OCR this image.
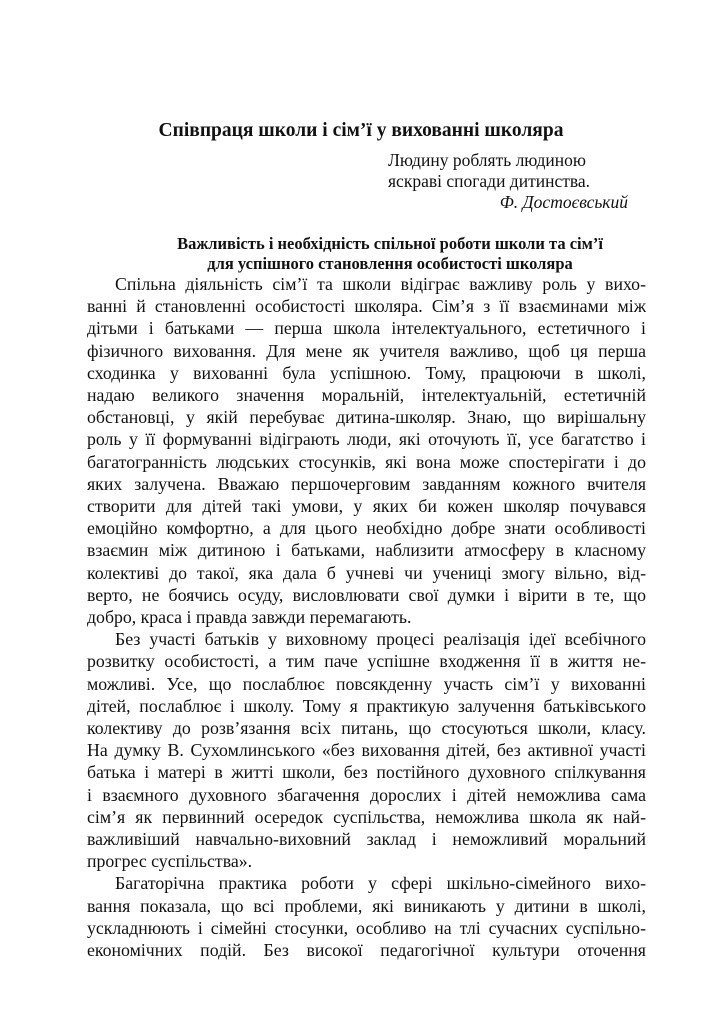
Співпраця школи і сім’ї у вихованні школяра
Людину роблять людиною
яскраві спогади дитинства.
Ф. Достоєвський
Важливість і необхідність спільної роботи школи та сім’ї
для успішного становлення особистості школяра
Спільна діяльність сім’ї та школи відіграє важливу роль у вихо-
ванні й становленні особистості школяра. Сім’я з її взаєминами між
дітьми і батьками — перша школа інтелектуального, естетичного і
фізичного виховання. Для мене як учителя важливо, щоб ця перша
сходинка у вихованні була успішною. Тому, працюючи в школі,
надаю великого значення моральній, інтелектуальній, естетичній
обстановці, у якій перебуває дитина-школяр. Знаю, що вирішальну
роль у її формуванні відіграють люди, які оточують її, усе багатство і
багатогранність людських стосунків, які вона може спостерігати і до
яких залучена. Вважаю першочерговим завданням кожного вчителя
створити для дітей такі умови, у яких би кожен школяр почувався
емоційно комфортно, а для цього необхідно добре знати особливості
взаємин між дитиною і батьками, наблизити атмосферу в класному
колективі до такої, яка дала б учневі чи учениці змогу вільно, від-
верто, не боячись осуду, висловлювати свої думки і вірити в те, що
добро, краса і правда завжди перемагають.
Без участі батьків у виховному процесі реалізація ідеї всебічного
розвитку особистості, а тим паче успішне входження її в життя не-
можливі. Усе, що послаблює повсякденну участь сім’ї у вихованні
дітей, послаблює і школу. Тому я практикую залучення батьківського
колективу до розв’язання всіх питань, що стосуються школи, класу.
На думку В. Сухомлинського «без виховання дітей, без активної участі
батька і матері в житті школи, без постійного духовного спілкування
і взаємного духовного збагачення дорослих і дітей неможлива сама
сім’я як первинний осередок суспільства, неможлива школа як най-
важливіший навчально-виховний заклад і неможливий моральний
прогрес суспільства».
Багаторічна практика роботи у сфері шкільно-сімейного вихо-
вання показала, що всі проблеми, які виникають у дитини в школі,
ускладнюють і сімейні стосунки, особливо на тлі сучасних суспільно-
економічних подій. Без високої педагогічної культури оточення
